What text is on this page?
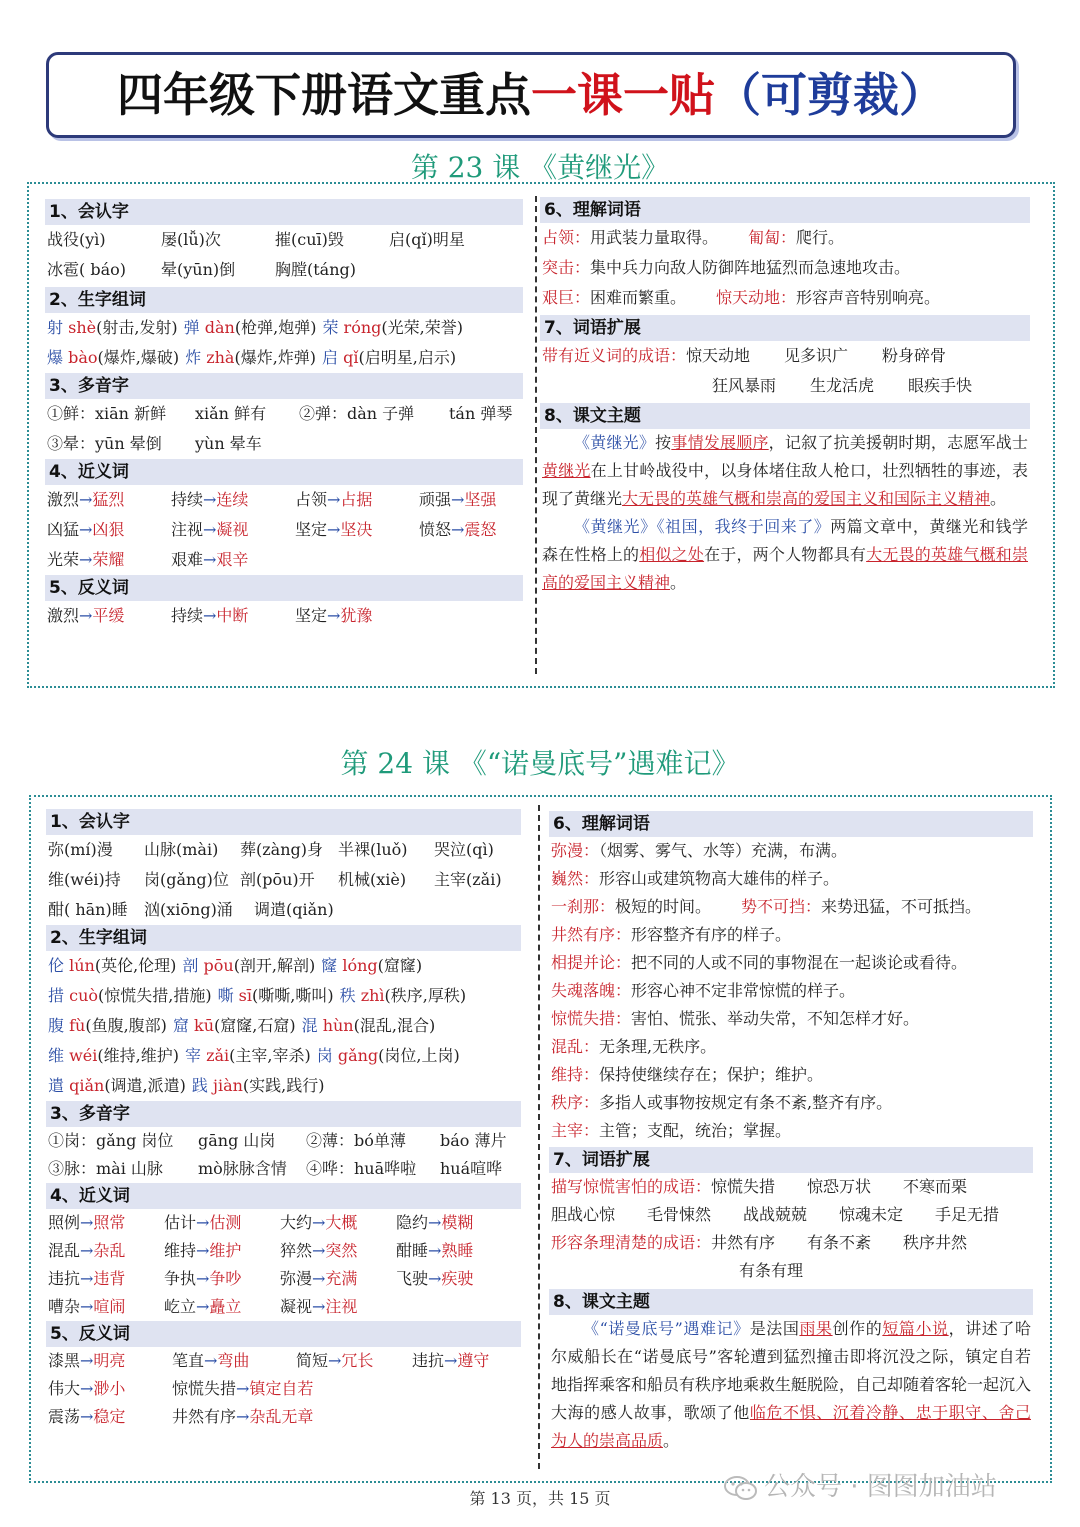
四年级下册语文重点一课一贴（可剪裁）
第 23 课 《黄继光》
1、会认字
战役(yì)	屡(lǚ)次	摧(cuī)毁	启(qǐ)明星
冰雹( báo) 晕(yūn)倒 胸膛(táng)
2、生字组词
射 shè(射击,发射) 弹 dàn(枪弹,炮弹) 荣 róng(光荣,荣誉)
爆 bào(爆炸,爆破) 炸 zhà(爆炸,炸弹) 启 qǐ(启明星,启示)
3、多音字
①鲜：xiān 新鲜 xiǎn 鲜有 ②弹：dàn 子弹 tán 弹琴
③晕：yūn 晕倒 yùn 晕车
4、近义词
激烈→猛烈	持续→连续	占领→占据	顽强→坚强
凶猛→凶狠	注视→凝视	坚定→坚决	愤怒→震怒
光荣→荣耀	艰难→艰辛
5、反义词
激烈→平缓	持续→中断	坚定→犹豫
6、理解词语
占领：用武装力量取得。 匍匐：爬行。
突击：集中兵力向敌人防御阵地猛烈而急速地攻击。
艰巨：困难而繁重。 惊天动地：形容声音特别响亮。
7、词语扩展
带有近义词的成语：惊天动地 见多识广 粉身碎骨
狂风暴雨 生龙活虎 眼疾手快
8、课文主题
《黄继光》按事情发展顺序，记叙了抗美援朝时期，志愿军战士黄继光在上甘岭战役中，以身体堵住敌人枪口，壮烈牺牲的事迹，表现了黄继光大无畏的英雄气概和崇高的爱国主义和国际主义精神。
《黄继光》《祖国，我终于回来了》两篇文章中，黄继光和钱学森在性格上的相似之处在于，两个人物都具有大无畏的英雄气概和崇高的爱国主义精神。
第 24 课 《“诺曼底号”遇难记》
1、会认字
弥(mí)漫 山脉(mài) 葬(zàng)身 半裸(luǒ) 哭泣(qì)
维(wéi)持 岗(gǎng)位 剖(pōu)开 机械(xiè) 主宰(zǎi)
酣( hān)睡 汹(xiōng)涌 调遣(qiǎn)
2、生字组词
伦 lún(英伦,伦理) 剖 pōu(剖开,解剖) 窿 lóng(窟窿)
措 cuò(惊慌失措,措施) 嘶 sī(嘶嘶,嘶叫) 秩 zhì(秩序,厚秩)
腹 fù(鱼腹,腹部) 窟 kū(窟窿,石窟) 混 hùn(混乱,混合)
维 wéi(维持,维护) 宰 zǎi(主宰,宰杀) 岗 gǎng(岗位,上岗)
遣 qiǎn(调遣,派遣) 践 jiàn(实践,践行)
3、多音字
①岗：gǎng 岗位 gāng 山岗 ②薄：bó单薄 báo 薄片
③脉：mài 山脉 mò脉脉含情 ④哗：huā哗啦 huá喧哗
4、近义词
照例→照常 估计→估测 大约→大概 隐约→模糊
混乱→杂乱 维持→维护 猝然→突然 酣睡→熟睡
违抗→违背 争执→争吵 弥漫→充满 飞驶→疾驶
嘈杂→喧闹 屹立→矗立 凝视→注视
5、反义词
漆黑→明亮	笔直→弯曲	简短→冗长 违抗→遵守
伟大→渺小	惊慌失措→镇定自若
震荡→稳定	井然有序→杂乱无章
6、理解词语
弥漫：（烟雾、雾气、水等）充满，布满。
巍然：形容山或建筑物高大雄伟的样子。
一刹那：极短的时间。 势不可挡：来势迅猛，不可抵挡。
井然有序：形容整齐有序的样子。
相提并论：把不同的人或不同的事物混在一起谈论或看待。
失魂落魄：形容心神不定非常惊慌的样子。
惊慌失措：害怕、慌张、举动失常，不知怎样才好。
混乱：无条理,无秩序。
维持：保持使继续存在；保护；维护。
秩序：多指人或事物按规定有条不紊,整齐有序。
主宰：主管；支配，统治；掌握。
7、词语扩展
描写惊慌害怕的成语：惊慌失措 惊恐万状 不寒而栗
胆战心惊 毛骨悚然 战战兢兢 惊魂未定 手足无措
形容条理清楚的成语：井然有序 有条不紊 秩序井然
有条有理
8、课文主题
《“诺曼底号”遇难记》是法国雨果创作的短篇小说，讲述了哈尔威船长在“诺曼底号”客轮遭到猛烈撞击即将沉没之际，镇定自若地指挥乘客和船员有秩序地乘救生艇脱险，自己却随着客轮一起沉入大海的感人故事，歌颂了他临危不惧、沉着冷静、忠于职守、舍己为人的崇高品质。
第 13 页，共 15 页	公众号 · 图图加油站
